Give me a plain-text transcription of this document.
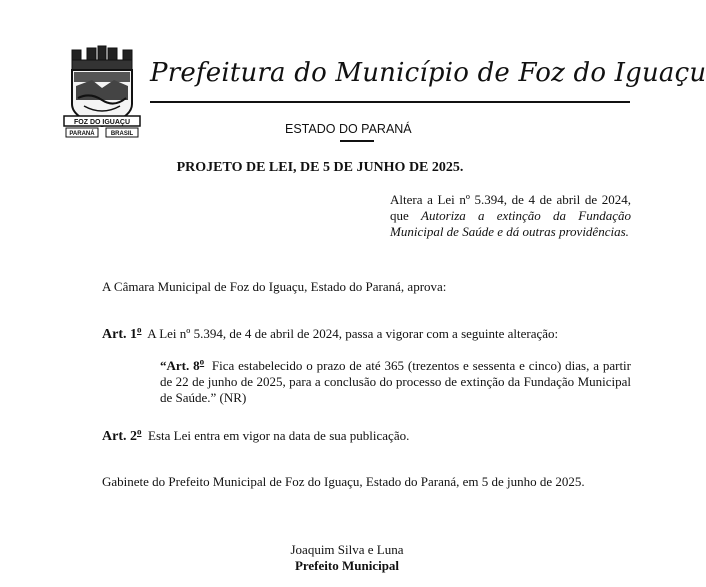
FOZ DO IGUAÇU
PARANÁ	BRASIL
Prefeitura do Município de Foz do Iguaçu
ESTADO DO PARANÁ
PROJETO DE LEI, DE 5 DE JUNHO DE 2025.
Altera a Lei nº 5.394, de 4 de abril de 2024, que Autoriza a extinção da Fundação Municipal de Saúde e dá outras providências.

A Câmara Municipal de Foz do Iguaçu, Estado do Paraná, aprova:

Art. 1$^o$ A Lei nº 5.394, de 4 de abril de 2024, passa a vigorar com a seguinte alteração:

“Art. 8$^o$ Fica estabelecido o prazo de até 365 (trezentos e sessenta e cinco) dias, a partir de 22 de junho de 2025, para a conclusão do processo de extinção da Fundação Municipal de Saúde.” (NR)

Art. 2$^o$ Esta Lei entra em vigor na data de sua publicação.

Gabinete do Prefeito Municipal de Foz do Iguaçu, Estado do Paraná, em 5 de junho de 2025.

Joaquim Silva e Luna
Prefeito Municipal
